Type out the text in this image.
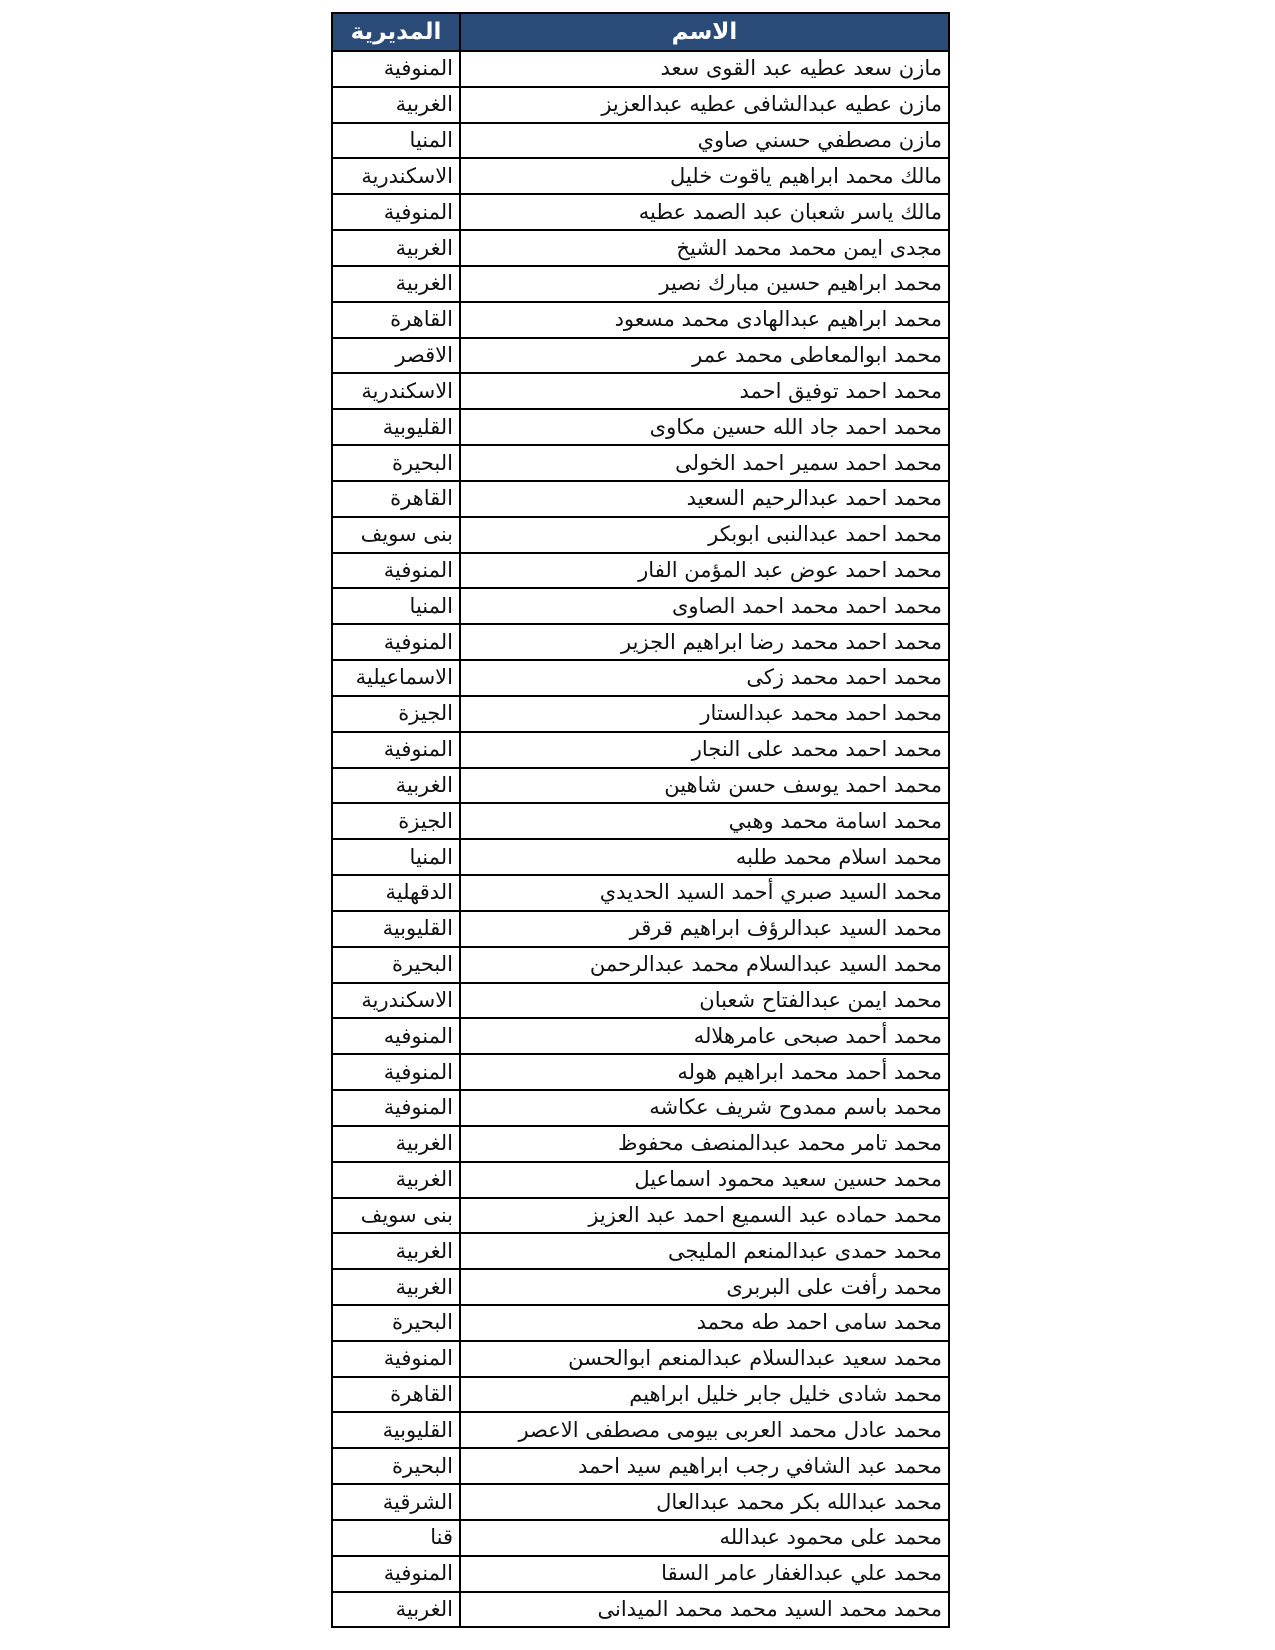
المديرية	الاسم
المنوفية	مازن سعد عطيه عبد القوى سعد
الغربية	مازن عطيه عبدالشافى عطيه عبدالعزيز
المنيا	مازن مصطفي حسني صاوي
الاسكندرية	مالك محمد ابراهيم ياقوت خليل
المنوفية	مالك ياسر شعبان عبد الصمد عطيه
الغربية	مجدى ايمن محمد محمد الشيخ
الغربية	محمد ابراهيم حسين مبارك نصير
القاهرة	محمد ابراهيم عبدالهادى محمد مسعود
الاقصر	محمد ابوالمعاطى محمد عمر
الاسكندرية	محمد احمد توفيق احمد
القليوبية	محمد احمد جاد الله حسين مكاوى
البحيرة	محمد احمد سمير احمد الخولى
القاهرة	محمد احمد عبدالرحيم السعيد
بنى سويف	محمد احمد عبدالنبى ابوبكر
المنوفية	محمد احمد عوض عبد المؤمن الفار
المنيا	محمد احمد محمد احمد الصاوى
المنوفية	محمد احمد محمد رضا ابراهيم الجزير
الاسماعيلية	محمد احمد محمد زكى
الجيزة	محمد احمد محمد عبدالستار
المنوفية	محمد احمد محمد على النجار
الغربية	محمد احمد يوسف حسن شاهين
الجيزة	محمد اسامة محمد وهبي
المنيا	محمد اسلام محمد طلبه
الدقهلية	محمد السيد صبري أحمد السيد الحديدي
القليوبية	محمد السيد عبدالرؤف ابراهيم قرقر
البحيرة	محمد السيد عبدالسلام محمد عبدالرحمن
الاسكندرية	محمد ايمن عبدالفتاح شعبان
المنوفيه	محمد أحمد صبحى عامرهلاله
المنوفية	محمد أحمد محمد ابراهيم هوله
المنوفية	محمد باسم ممدوح شريف عكاشه
الغربية	محمد تامر محمد عبدالمنصف محفوظ
الغربية	محمد حسين سعيد محمود اسماعيل
بنى سويف	محمد حماده عبد السميع احمد عبد العزيز
الغربية	محمد حمدى عبدالمنعم المليجى
الغربية	محمد رأفت على البربرى
البحيرة	محمد سامى احمد طه محمد
المنوفية	محمد سعيد عبدالسلام عبدالمنعم ابوالحسن
القاهرة	محمد شادى خليل جابر خليل ابراهيم
القليوبية	محمد عادل محمد العربى بيومى مصطفى الاعصر
البحيرة	محمد عبد الشافي رجب ابراهيم سيد احمد
الشرقية	محمد عبدالله بكر محمد عبدالعال
قنا	محمد على محمود عبدالله
المنوفية	محمد علي عبدالغفار عامر السقا
الغربية	محمد محمد السيد محمد محمد الميدانى
